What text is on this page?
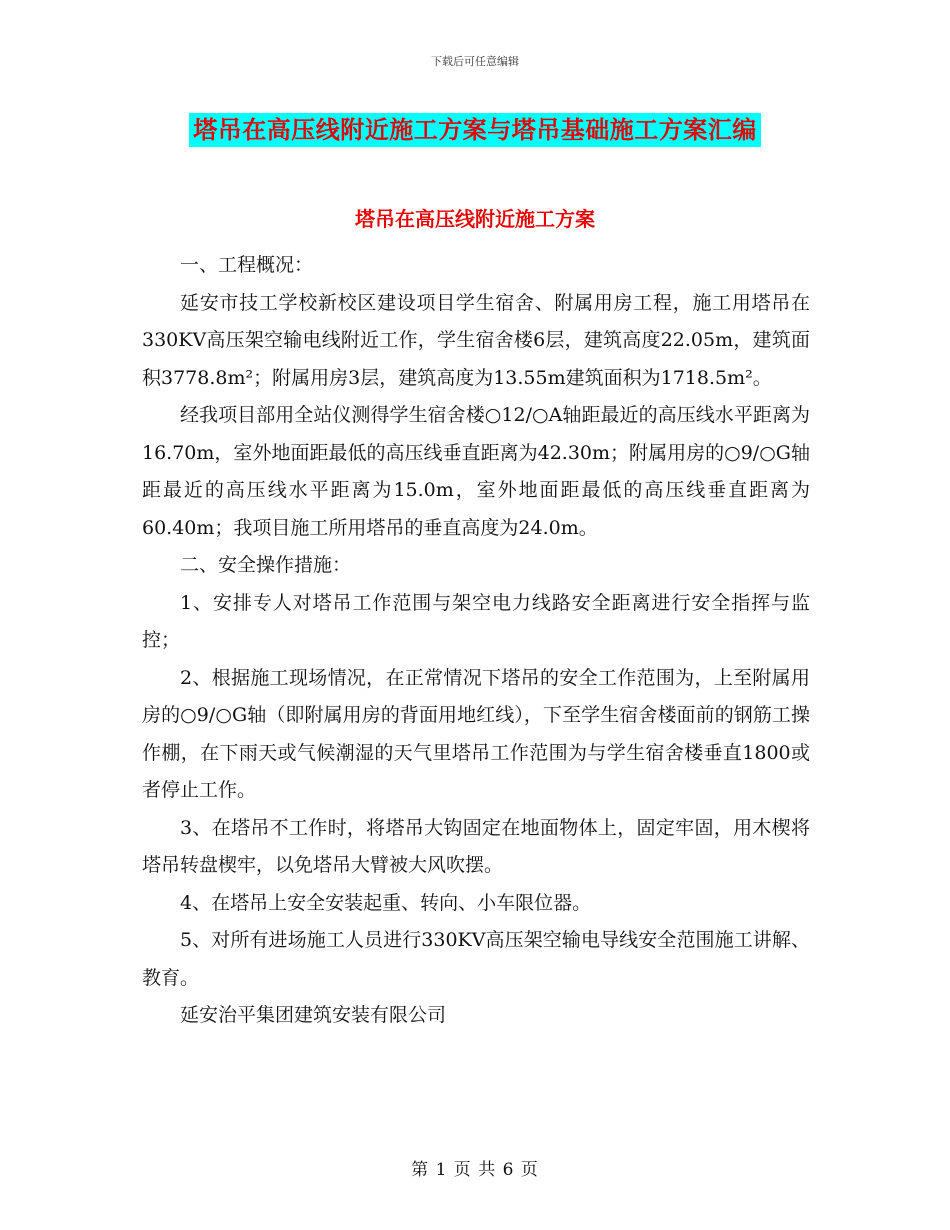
下载后可任意编辑
塔吊在高压线附近施工方案与塔吊基础施工方案汇编
塔吊在高压线附近施工方案

一、工程概况：

延安市技工学校新校区建设项目学生宿舍、附属用房工程，施工用塔吊在330KV高压架空输电线附近工作，学生宿舍楼6层，建筑高度22.05m，建筑面积3778.8m²；附属用房3层，建筑高度为13.55m建筑面积为1718.5m²。

经我项目部用全站仪测得学生宿舍楼○12/○A轴距最近的高压线水平距离为16.70m，室外地面距最低的高压线垂直距离为42.30m；附属用房的○9/○G轴距最近的高压线水平距离为15.0m，室外地面距最低的高压线垂直距离为60.40m；我项目施工所用塔吊的垂直高度为24.0m。

二、安全操作措施：

1、安排专人对塔吊工作范围与架空电力线路安全距离进行安全指挥与监控；

2、根据施工现场情况，在正常情况下塔吊的安全工作范围为，上至附属用房的○9/○G轴（即附属用房的背面用地红线），下至学生宿舍楼面前的钢筋工操作棚，在下雨天或气候潮湿的天气里塔吊工作范围为与学生宿舍楼垂直1800或者停止工作。

3、在塔吊不工作时，将塔吊大钩固定在地面物体上，固定牢固，用木楔将塔吊转盘楔牢，以免塔吊大臂被大风吹摆。

4、在塔吊上安全安装起重、转向、小车限位器。

5、对所有进场施工人员进行330KV高压架空输电导线安全范围施工讲解、教育。

延安治平集团建筑安装有限公司

第 1 页 共 6 页
